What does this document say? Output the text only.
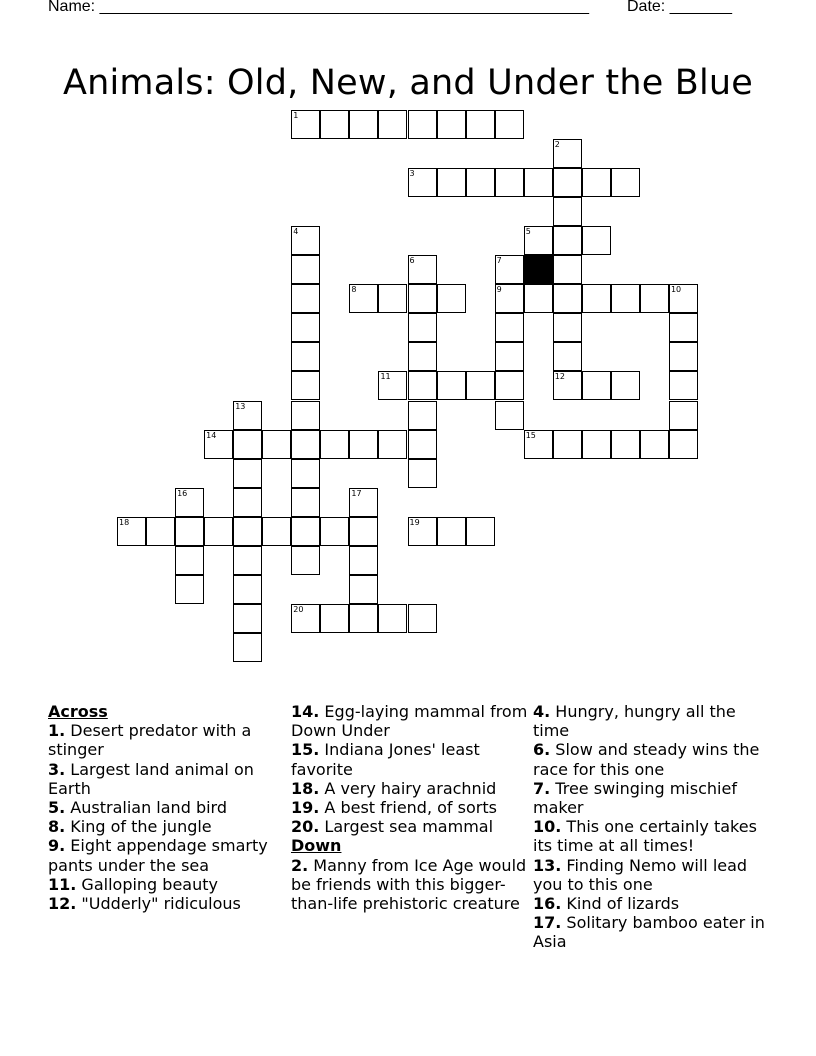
Name: _______________________________________________________ Date: _______
Animals: Old, New, and Under the Blue
1
3
5
8	9	10
11	12
14	15
18	19
20
2
4
6	7
13
16	17
Across
1. Desert predator with a stinger
3. Largest land animal on Earth
5. Australian land bird
8. King of the jungle
9. Eight appendage smarty pants under the sea
11. Galloping beauty
12. "Udderly" ridiculous
14. Egg-laying mammal from Down Under
15. Indiana Jones' least favorite
18. A very hairy arachnid
19. A best friend, of sorts
20. Largest sea mammal
Down
2. Manny from Ice Age would be friends with this bigger-than-life prehistoric creature
4. Hungry, hungry all the time
6. Slow and steady wins the race for this one
7. Tree swinging mischief maker
10. This one certainly takes its time at all times!
13. Finding Nemo will lead you to this one
16. Kind of lizards
17. Solitary bamboo eater in Asia
